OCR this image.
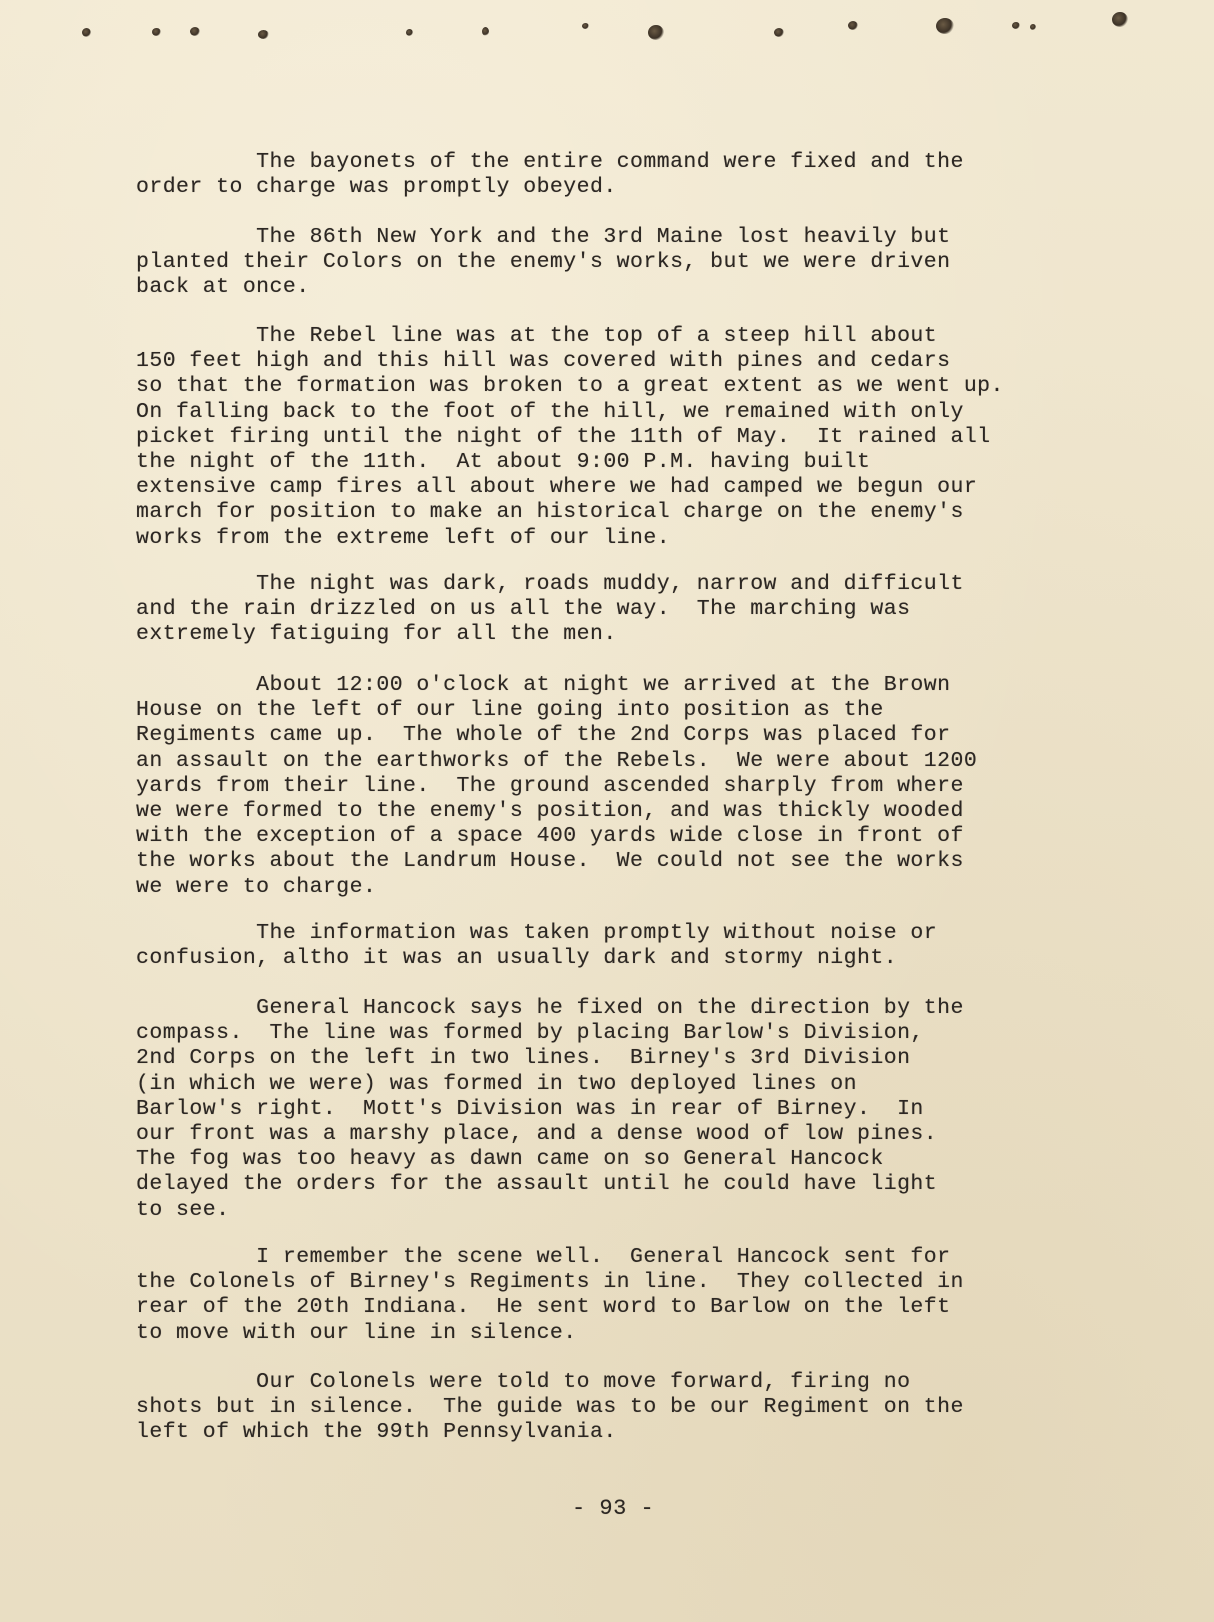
The bayonets of the entire command were fixed and the
order to charge was promptly obeyed.

The 86th New York and the 3rd Maine lost heavily but
planted their Colors on the enemy's works, but we were driven
back at once.

The Rebel line was at the top of a steep hill about
150 feet high and this hill was covered with pines and cedars
so that the formation was broken to a great extent as we went up.
On falling back to the foot of the hill, we remained with only
picket firing until the night of the 11th of May.  It rained all
the night of the 11th.  At about 9:00 P.M. having built
extensive camp fires all about where we had camped we begun our
march for position to make an historical charge on the enemy's
works from the extreme left of our line.

The night was dark, roads muddy, narrow and difficult
and the rain drizzled on us all the way.  The marching was
extremely fatiguing for all the men.

About 12:00 o'clock at night we arrived at the Brown
House on the left of our line going into position as the
Regiments came up.  The whole of the 2nd Corps was placed for
an assault on the earthworks of the Rebels.  We were about 1200
yards from their line.  The ground ascended sharply from where
we were formed to the enemy's position, and was thickly wooded
with the exception of a space 400 yards wide close in front of
the works about the Landrum House.  We could not see the works
we were to charge.

The information was taken promptly without noise or
confusion, altho it was an usually dark and stormy night.

General Hancock says he fixed on the direction by the
compass.  The line was formed by placing Barlow's Division,
2nd Corps on the left in two lines.  Birney's 3rd Division
(in which we were) was formed in two deployed lines on
Barlow's right.  Mott's Division was in rear of Birney.  In
our front was a marshy place, and a dense wood of low pines.
The fog was too heavy as dawn came on so General Hancock
delayed the orders for the assault until he could have light
to see.

I remember the scene well.  General Hancock sent for
the Colonels of Birney's Regiments in line.  They collected in
rear of the 20th Indiana.  He sent word to Barlow on the left
to move with our line in silence.

Our Colonels were told to move forward, firing no
shots but in silence.  The guide was to be our Regiment on the
left of which the 99th Pennsylvania.

- 93 -
